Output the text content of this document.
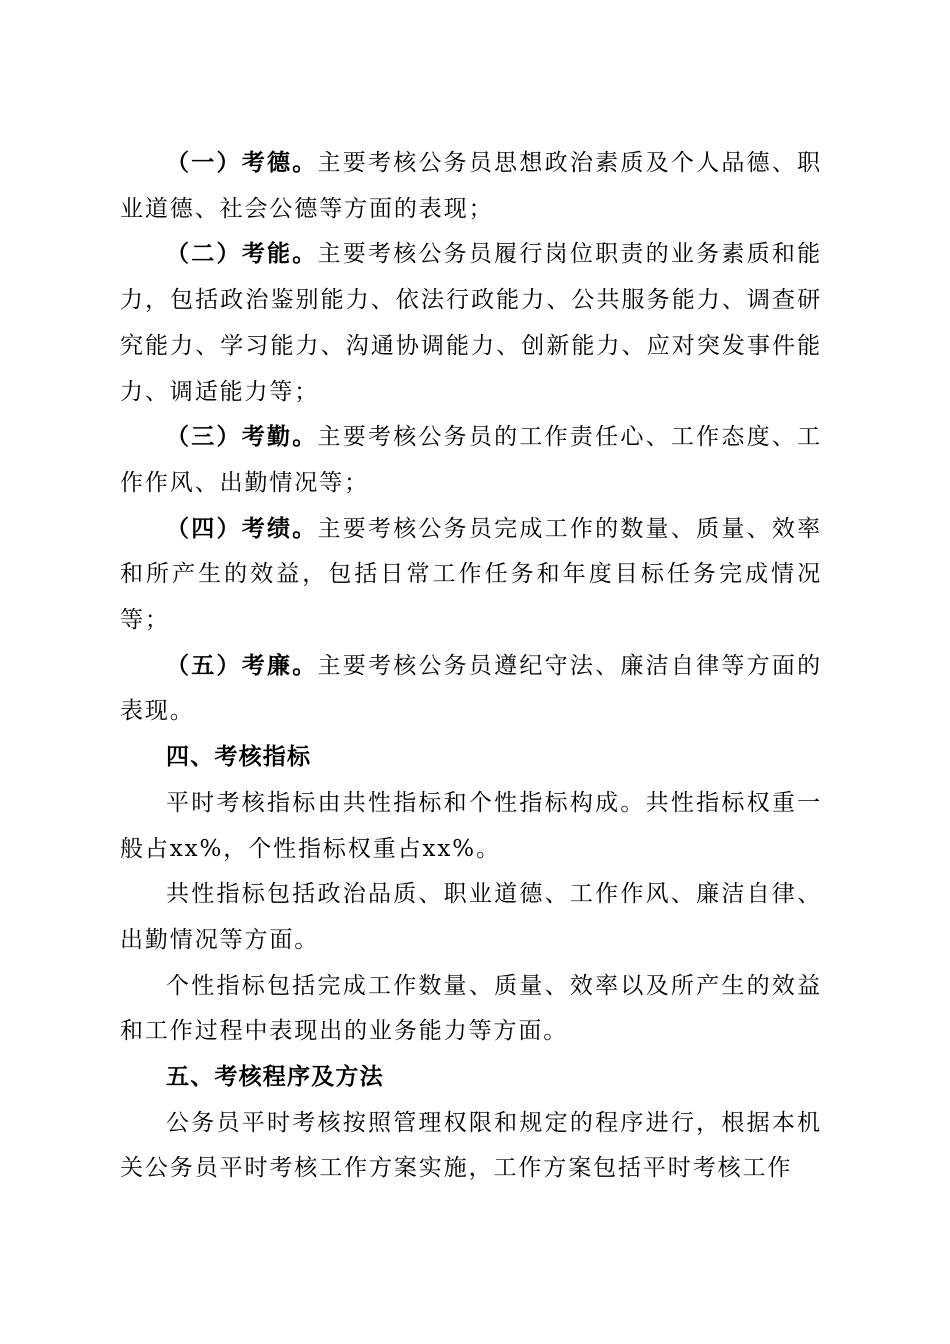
（一）考德。主要考核公务员思想政治素质及个人品德、职业道德、社会公德等方面的表现；

（二）考能。主要考核公务员履行岗位职责的业务素质和能力，包括政治鉴别能力、依法行政能力、公共服务能力、调查研究能力、学习能力、沟通协调能力、创新能力、应对突发事件能力、调适能力等；

（三）考勤。主要考核公务员的工作责任心、工作态度、工作作风、出勤情况等；

（四）考绩。主要考核公务员完成工作的数量、质量、效率和所产生的效益，包括日常工作任务和年度目标任务完成情况等；

（五）考廉。主要考核公务员遵纪守法、廉洁自律等方面的表现。

四、考核指标

平时考核指标由共性指标和个性指标构成。共性指标权重一般占xx%，个性指标权重占xx%。

共性指标包括政治品质、职业道德、工作作风、廉洁自律、出勤情况等方面。

个性指标包括完成工作数量、质量、效率以及所产生的效益和工作过程中表现出的业务能力等方面。

五、考核程序及方法

公务员平时考核按照管理权限和规定的程序进行，根据本机关公务员平时考核工作方案实施，工作方案包括平时考核工作
